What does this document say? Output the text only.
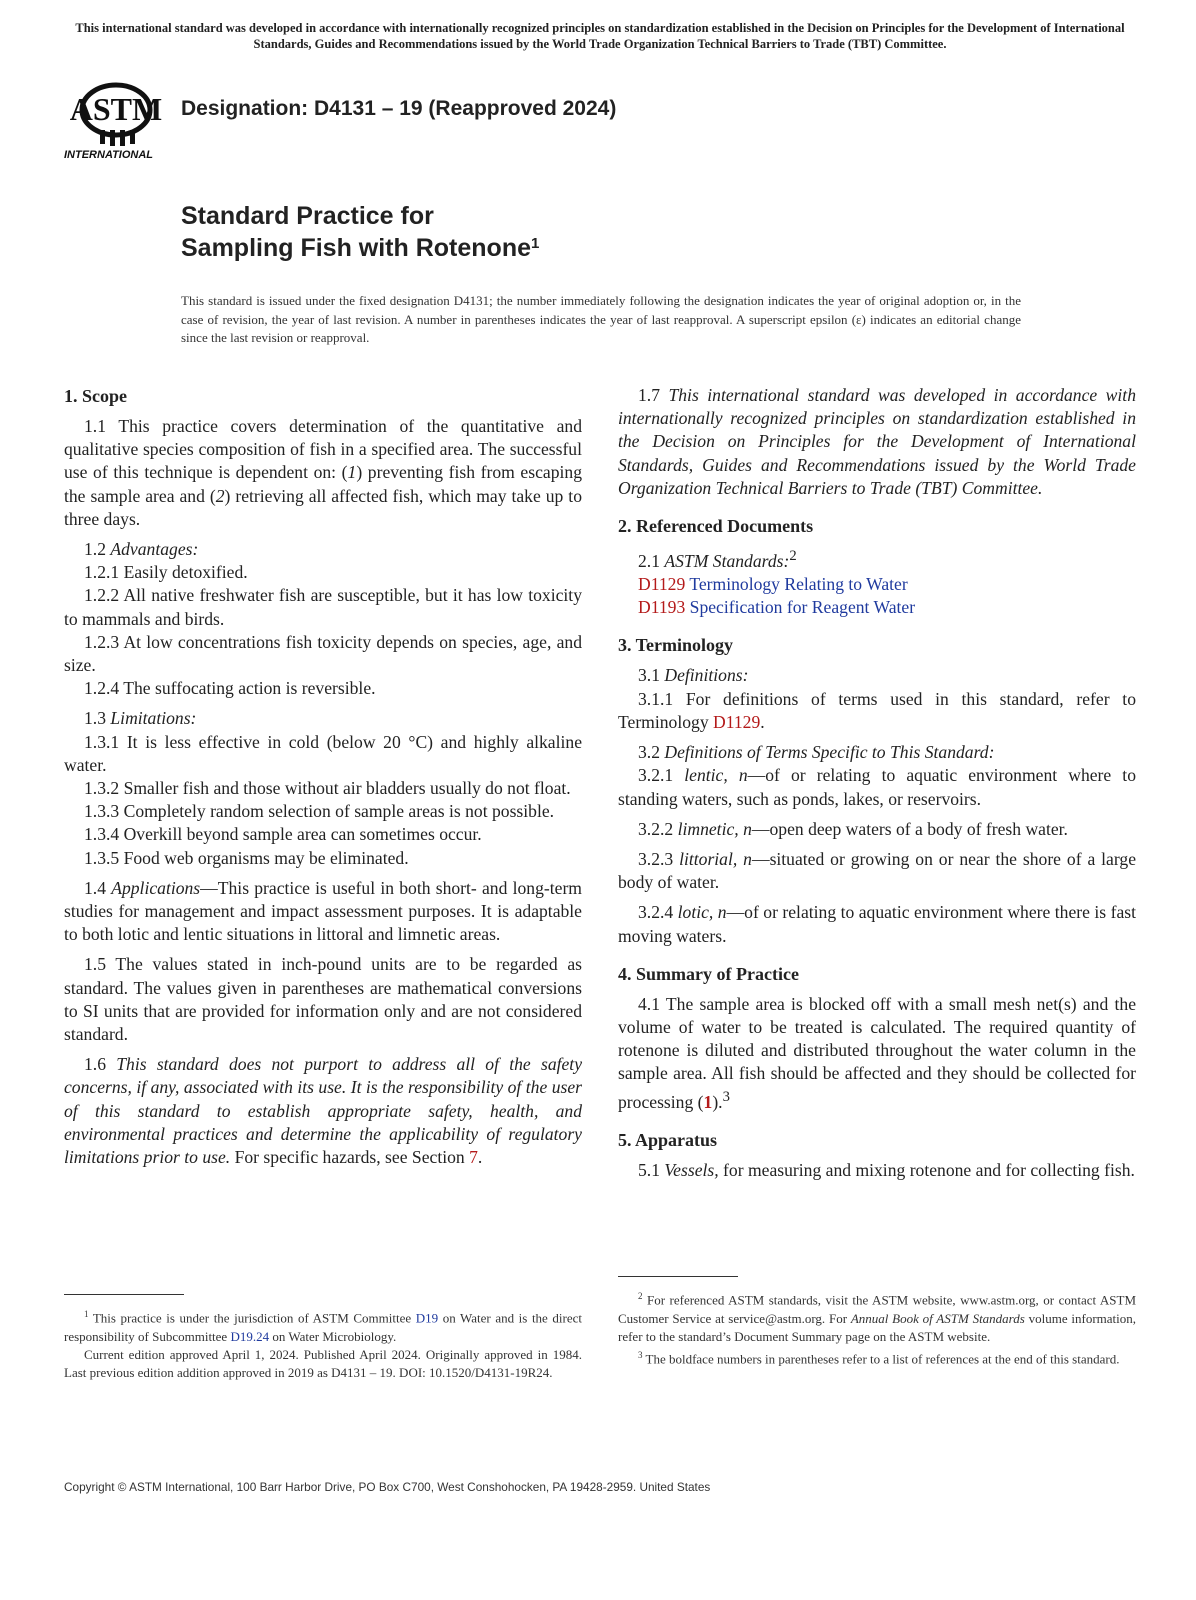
This international standard was developed in accordance with internationally recognized principles on standardization established in the Decision on Principles for the Development of International Standards, Guides and Recommendations issued by the World Trade Organization Technical Barriers to Trade (TBT) Committee.
ASTM
INTERNATIONAL
Designation: D4131 – 19 (Reapproved 2024)
Standard Practice for
Sampling Fish with Rotenone$^1$
This standard is issued under the fixed designation D4131; the number immediately following the designation indicates the year of original adoption or, in the case of revision, the year of last revision. A number in parentheses indicates the year of last reapproval. A superscript epsilon (ε) indicates an editorial change since the last revision or reapproval.
1. Scope

1.1 This practice covers determination of the quantitative and qualitative species composition of fish in a specified area. The successful use of this technique is dependent on: (1) preventing fish from escaping the sample area and (2) retrieving all affected fish, which may take up to three days.

1.2 Advantages:

1.2.1 Easily detoxified.

1.2.2 All native freshwater fish are susceptible, but it has low toxicity to mammals and birds.

1.2.3 At low concentrations fish toxicity depends on species, age, and size.

1.2.4 The suffocating action is reversible.

1.3 Limitations:

1.3.1 It is less effective in cold (below 20 °C) and highly alkaline water.

1.3.2 Smaller fish and those without air bladders usually do not float.

1.3.3 Completely random selection of sample areas is not possible.

1.3.4 Overkill beyond sample area can sometimes occur.

1.3.5 Food web organisms may be eliminated.

1.4 Applications—This practice is useful in both short- and long-term studies for management and impact assessment purposes. It is adaptable to both lotic and lentic situations in littoral and limnetic areas.

1.5 The values stated in inch-pound units are to be regarded as standard. The values given in parentheses are mathematical conversions to SI units that are provided for information only and are not considered standard.

1.6 This standard does not purport to address all of the safety concerns, if any, associated with its use. It is the responsibility of the user of this standard to establish appropriate safety, health, and environmental practices and determine the applicability of regulatory limitations prior to use. For specific hazards, see Section 7.

1.7 This international standard was developed in accordance with internationally recognized principles on standardization established in the Decision on Principles for the Development of International Standards, Guides and Recommendations issued by the World Trade Organization Technical Barriers to Trade (TBT) Committee.

2. Referenced Documents

2.1 ASTM Standards:$^2$

D1129 Terminology Relating to Water

D1193 Specification for Reagent Water

3. Terminology

3.1 Definitions:

3.1.1 For definitions of terms used in this standard, refer to Terminology D1129.

3.2 Definitions of Terms Specific to This Standard:

3.2.1 lentic, n—of or relating to aquatic environment where to standing waters, such as ponds, lakes, or reservoirs.

3.2.2 limnetic, n—open deep waters of a body of fresh water.

3.2.3 littorial, n—situated or growing on or near the shore of a large body of water.

3.2.4 lotic, n—of or relating to aquatic environment where there is fast moving waters.

4. Summary of Practice

4.1 The sample area is blocked off with a small mesh net(s) and the volume of water to be treated is calculated. The required quantity of rotenone is diluted and distributed throughout the water column in the sample area. All fish should be affected and they should be collected for processing (1).$^3$

5. Apparatus

5.1 Vessels, for measuring and mixing rotenone and for collecting fish.

$^1$ This practice is under the jurisdiction of ASTM Committee D19 on Water and is the direct responsibility of Subcommittee D19.24 on Water Microbiology.

Current edition approved April 1, 2024. Published April 2024. Originally approved in 1984. Last previous edition addition approved in 2019 as D4131 – 19. DOI: 10.1520/D4131-19R24.

$^2$ For referenced ASTM standards, visit the ASTM website, www.astm.org, or contact ASTM Customer Service at service@astm.org. For Annual Book of ASTM Standards volume information, refer to the standard’s Document Summary page on the ASTM website.

$^3$ The boldface numbers in parentheses refer to a list of references at the end of this standard.

Copyright © ASTM International, 100 Barr Harbor Drive, PO Box C700, West Conshohocken, PA 19428-2959. United States
